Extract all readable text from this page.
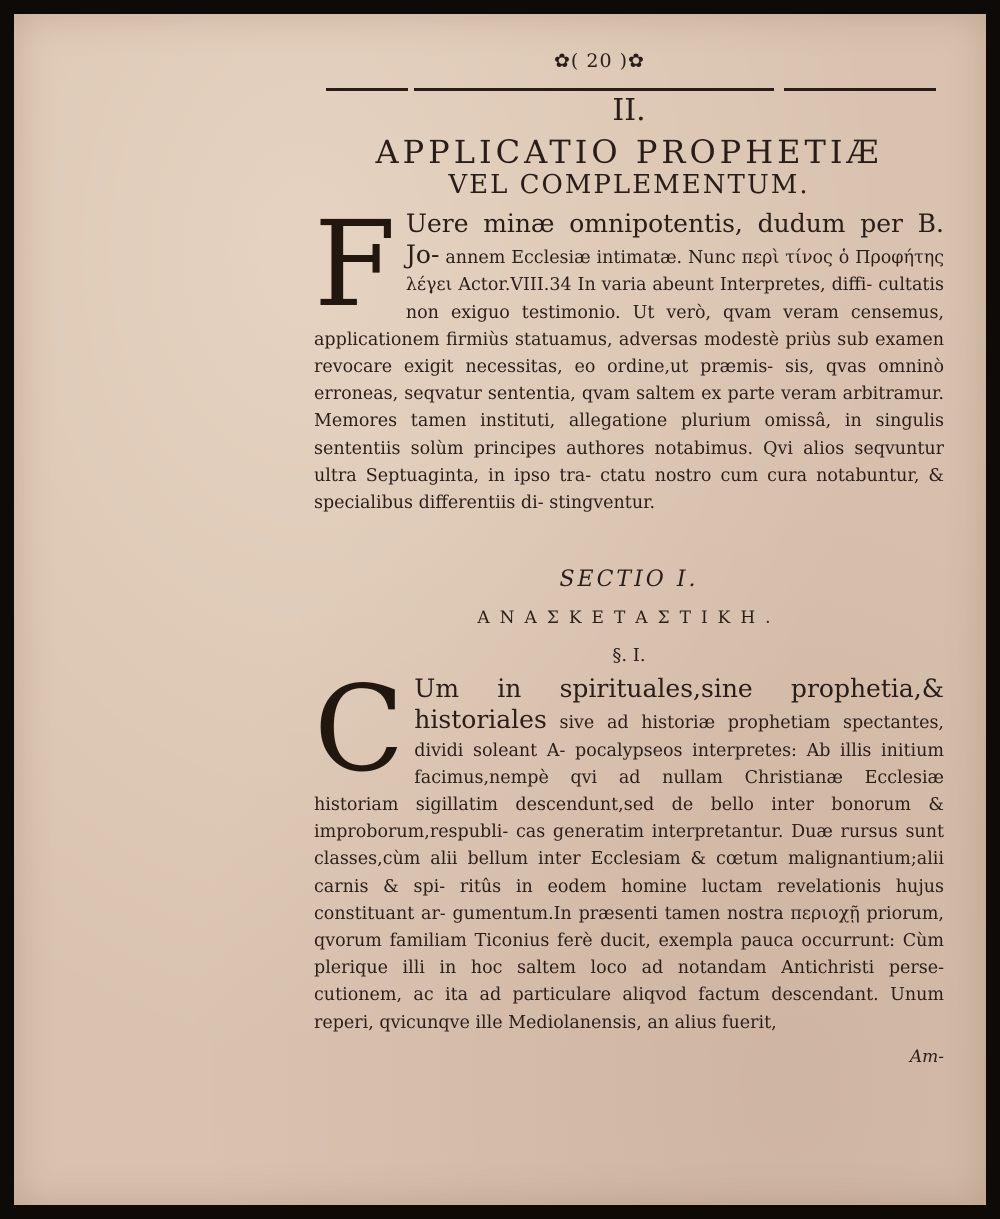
✿( 20 )✿
II.
APPLICATIO PROPHETIÆ
VEL COMPLEMENTUM.

F Uere minæ omnipotentis, dudum per B. Jo- annem Ecclesiæ intimatæ. Nunc περὶ τίνος ὁ Προφήτης λέγει Actor.VIII.34 In varia abeunt Interpretes, diffi- cultatis non exiguo testimonio. Ut verò, qvam veram censemus, applicationem firmiùs statuamus, adversas modestè priùs sub examen revocare exigit necessitas, eo ordine,ut præmis- sis, qvas omninò erroneas, seqvatur sententia, qvam saltem ex parte veram arbitramur. Memores tamen instituti, allegatione plurium omissâ, in singulis sententiis solùm principes authores notabimus. Qvi alios seqvuntur ultra Septuaginta, in ipso tra- ctatu nostro cum cura notabuntur, & specialibus differentiis di- stingventur.

SECTIO I.
ΑΝΑΣΚΕΤΑΣΤΙΚΗ.
§. I.

C Um in spirituales,sine prophetia,& historiales sive ad historiæ prophetiam spectantes, dividi soleant A- pocalypseos interpretes: Ab illis initium facimus,nempè qvi ad nullam Christianæ Ecclesiæ historiam sigillatim descendunt,sed de bello inter bonorum & improborum,respubli- cas generatim interpretantur. Duæ rursus sunt classes,cùm alii bellum inter Ecclesiam & cœtum malignantium;alii carnis & spi- ritûs in eodem homine luctam revelationis hujus constituant ar- gumentum.In præsenti tamen nostra περιοχῇ priorum, qvorum familiam Ticonius ferè ducit, exempla pauca occurrunt: Cùm plerique illi in hoc saltem loco ad notandam Antichristi perse- cutionem, ac ita ad particulare aliqvod factum descendant. Unum reperi, qvicunqve ille Mediolanensis, an alius fuerit,

Am-
